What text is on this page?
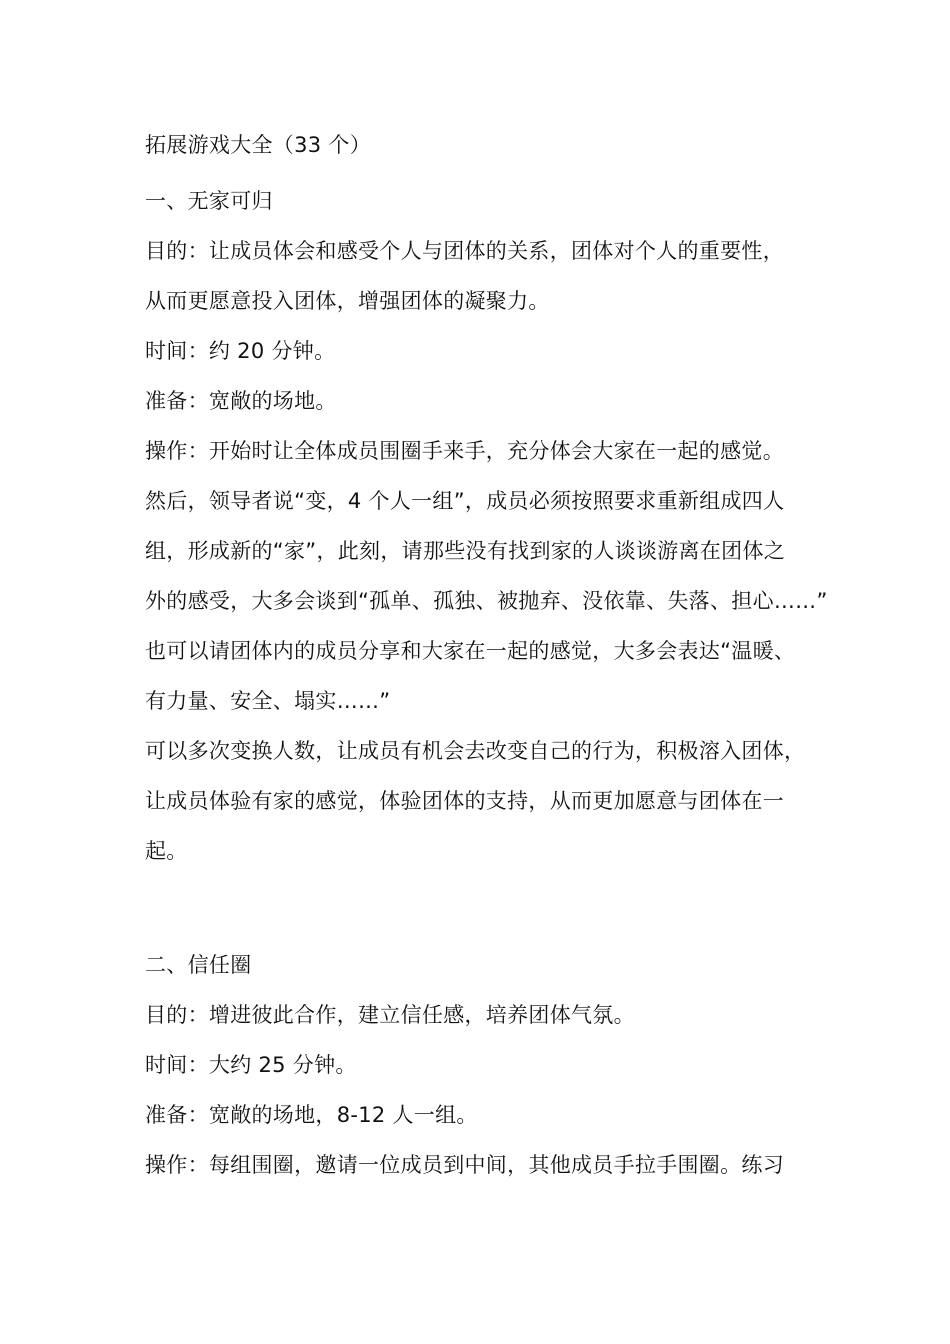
拓展游戏大全（33 个）
一、无家可归
目的：让成员体会和感受个人与团体的关系，团体对个人的重要性，
从而更愿意投入团体，增强团体的凝聚力。
时间：约 20 分钟。
准备：宽敞的场地。
操作：开始时让全体成员围圈手来手，充分体会大家在一起的感觉。
然后，领导者说“变，4 个人一组”，成员必须按照要求重新组成四人
组，形成新的“家”，此刻，请那些没有找到家的人谈谈游离在团体之
外的感受，大多会谈到“孤单、孤独、被抛弃、没依靠、失落、担心……”
也可以请团体内的成员分享和大家在一起的感觉，大多会表达“温暖、
有力量、安全、塌实……”
可以多次变换人数，让成员有机会去改变自己的行为，积极溶入团体，
让成员体验有家的感觉，体验团体的支持，从而更加愿意与团体在一
起。
二、信任圈
目的：增进彼此合作，建立信任感，培养团体气氛。
时间：大约 25 分钟。
准备：宽敞的场地，8-12 人一组。
操作：每组围圈，邀请一位成员到中间，其他成员手拉手围圈。练习
